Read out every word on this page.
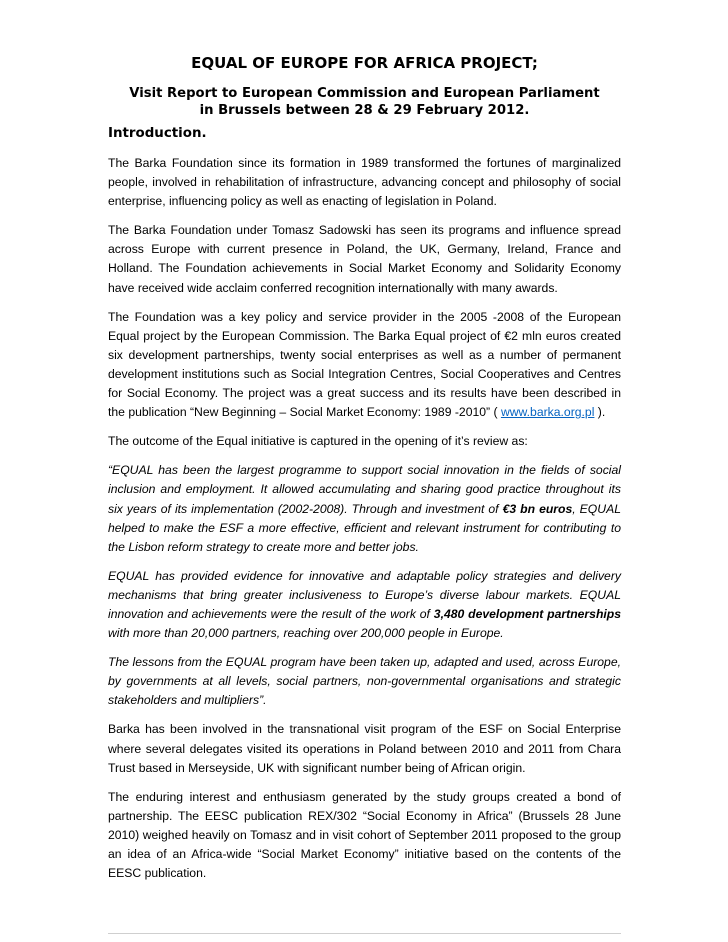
EQUAL OF EUROPE FOR AFRICA PROJECT;
Visit Report to European Commission and European Parliament
in Brussels between 28 & 29 February 2012.
Introduction.

The Barka Foundation since its formation in 1989 transformed the fortunes of marginalized people, involved in rehabilitation of infrastructure, advancing concept and philosophy of social enterprise, influencing policy as well as enacting of legislation in Poland.

The Barka Foundation under Tomasz Sadowski has seen its programs and influence spread across Europe with current presence in Poland, the UK, Germany, Ireland, France and Holland. The Foundation achievements in Social Market Economy and Solidarity Economy have received wide acclaim conferred recognition internationally with many awards.

The Foundation was a key policy and service provider in the 2005 -2008 of the European Equal project by the European Commission. The Barka Equal project of €2 mln euros created six development partnerships, twenty social enterprises as well as a number of permanent development institutions such as Social Integration Centres, Social Cooperatives and Centres for Social Economy. The project was a great success and its results have been described in the publication “New Beginning – Social Market Economy: 1989 -2010” ( www.barka.org.pl ).

The outcome of the Equal initiative is captured in the opening of it’s review as:

“EQUAL has been the largest programme to support social innovation in the fields of social inclusion and employment. It allowed accumulating and sharing good practice throughout its six years of its implementation (2002-2008). Through and investment of €3 bn euros, EQUAL helped to make the ESF a more effective, efficient and relevant instrument for contributing to the Lisbon reform strategy to create more and better jobs.

EQUAL has provided evidence for innovative and adaptable policy strategies and delivery mechanisms that bring greater inclusiveness to Europe’s diverse labour markets. EQUAL innovation and achievements were the result of the work of 3,480 development partnerships with more than 20,000 partners, reaching over 200,000 people in Europe.

The lessons from the EQUAL program have been taken up, adapted and used, across Europe, by governments at all levels, social partners, non-governmental organisations and strategic stakeholders and multipliers”.

Barka has been involved in the transnational visit program of the ESF on Social Enterprise where several delegates visited its operations in Poland between 2010 and 2011 from Chara Trust based in Merseyside, UK with significant number being of African origin.

The enduring interest and enthusiasm generated by the study groups created a bond of partnership. The EESC publication REX/302 “Social Economy in Africa” (Brussels 28 June 2010) weighed heavily on Tomasz and in visit cohort of September 2011 proposed to the group an idea of an Africa-wide “Social Market Economy” initiative based on the contents of the EESC publication.
